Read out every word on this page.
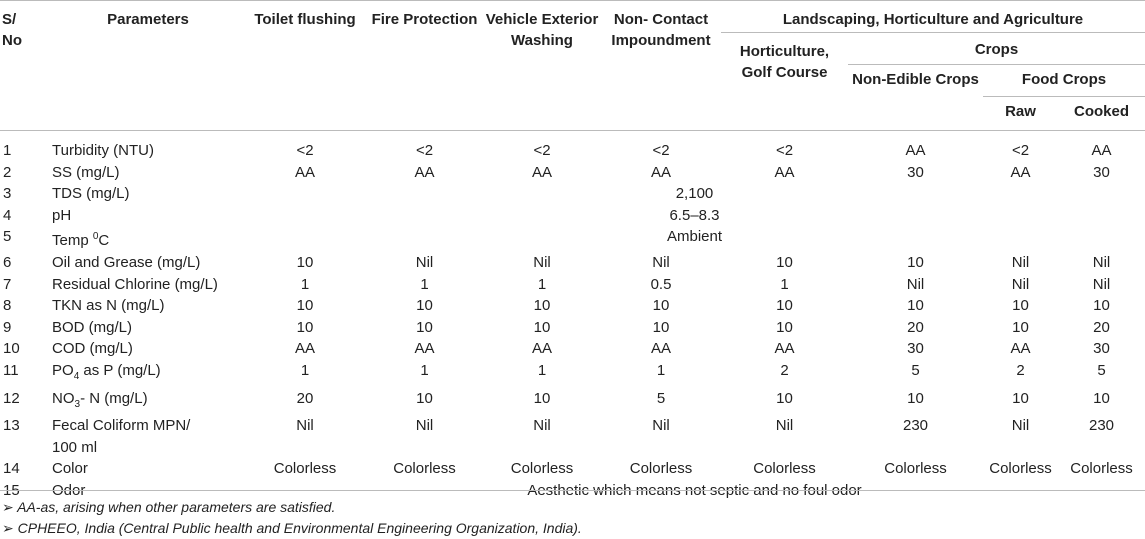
S/
No	Parameters	Toilet flushing	Fire Protection	Vehicle Exterior Washing	Non- Contact Impoundment	Landscaping, Horticulture and Agriculture			
						Horticulture, Golf Course	Crops		
							Non-Edible Crops	Food Crops	
								Raw	Cooked
1	Turbidity (NTU)	<2	<2	<2	<2	<2	AA	<2	AA
2	SS (mg/L)	AA	AA	AA	AA	AA	30	AA	30
3	TDS (mg/L)	2,100							
4	pH	6.5–8.3							
5	Temp $^0$C	Ambient							
6	Oil and Grease (mg/L)	10	Nil	Nil	Nil	10	10	Nil	Nil
7	Residual Chlorine (mg/L)	1	1	1	0.5	1	Nil	Nil	Nil
8	TKN as N (mg/L)	10	10	10	10	10	10	10	10
9	BOD (mg/L)	10	10	10	10	10	20	10	20
10	COD (mg/L)	AA	AA	AA	AA	AA	30	AA	30
11	$PO_4$ as P (mg/L)	1	1	1	1	2	5	2	5
12	$NO_3-$ N (mg/L)	20	10	10	5	10	10	10	10
13	Fecal Coliform MPN/ 100 ml	Nil	Nil	Nil	Nil	Nil	230	Nil	230
14	Color	Colorless	Colorless	Colorless	Colorless	Colorless	Colorless	Colorless	Colorless
15	Odor	Aesthetic which means not septic and no foul odor							
➢ AA-as, arising when other parameters are satisfied.
➢ CPHEEO, India (Central Public health and Environmental Engineering Organization, India).
